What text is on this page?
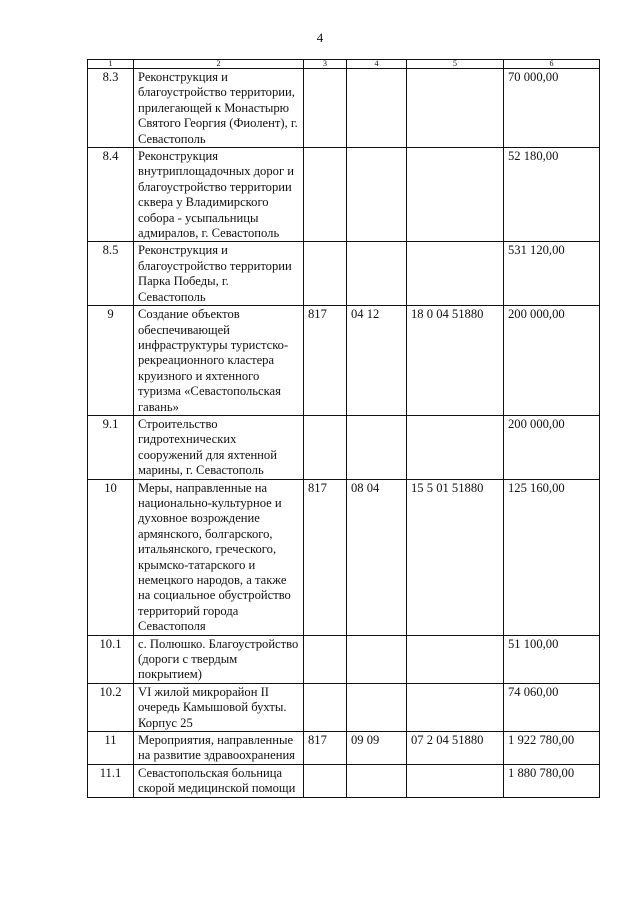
4
1	2	3	4	5	6
8.3	Реконструкция и благоустройство территории, прилегающей к Монастырю Святого Георгия (Фиолент), г. Севастополь				70 000,00
8.4	Реконструкция внутриплощадочных дорог и благоустройство территории сквера у Владимирского собора - усыпальницы адмиралов, г. Севастополь				52 180,00
8.5	Реконструкция и благоустройство территории Парка Победы, г. Севастополь				531 120,00
9	Создание объектов обеспечивающей инфраструктуры туристско-рекреационного кластера круизного и яхтенного туризма «Севастопольская гавань»	817	04 12	18 0 04 51880	200 000,00
9.1	Строительство гидротехнических сооружений для яхтенной марины, г. Севастополь				200 000,00
10	Меры, направленные на национально-культурное и духовное возрождение армянского, болгарского, итальянского, греческого, крымско-татарского и немецкого народов, а также на социальное обустройство территорий города Севастополя	817	08 04	15 5 01 51880	125 160,00
10.1	с. Полюшко. Благоустройство (дороги с твердым покрытием)				51 100,00
10.2	VI жилой микрорайон II очередь Камышовой бухты. Корпус 25				74 060,00
11	Мероприятия, направленные на развитие здравоохранения	817	09 09	07 2 04 51880	1 922 780,00
11.1	Севастопольская больница скорой медицинской помощи				1 880 780,00
